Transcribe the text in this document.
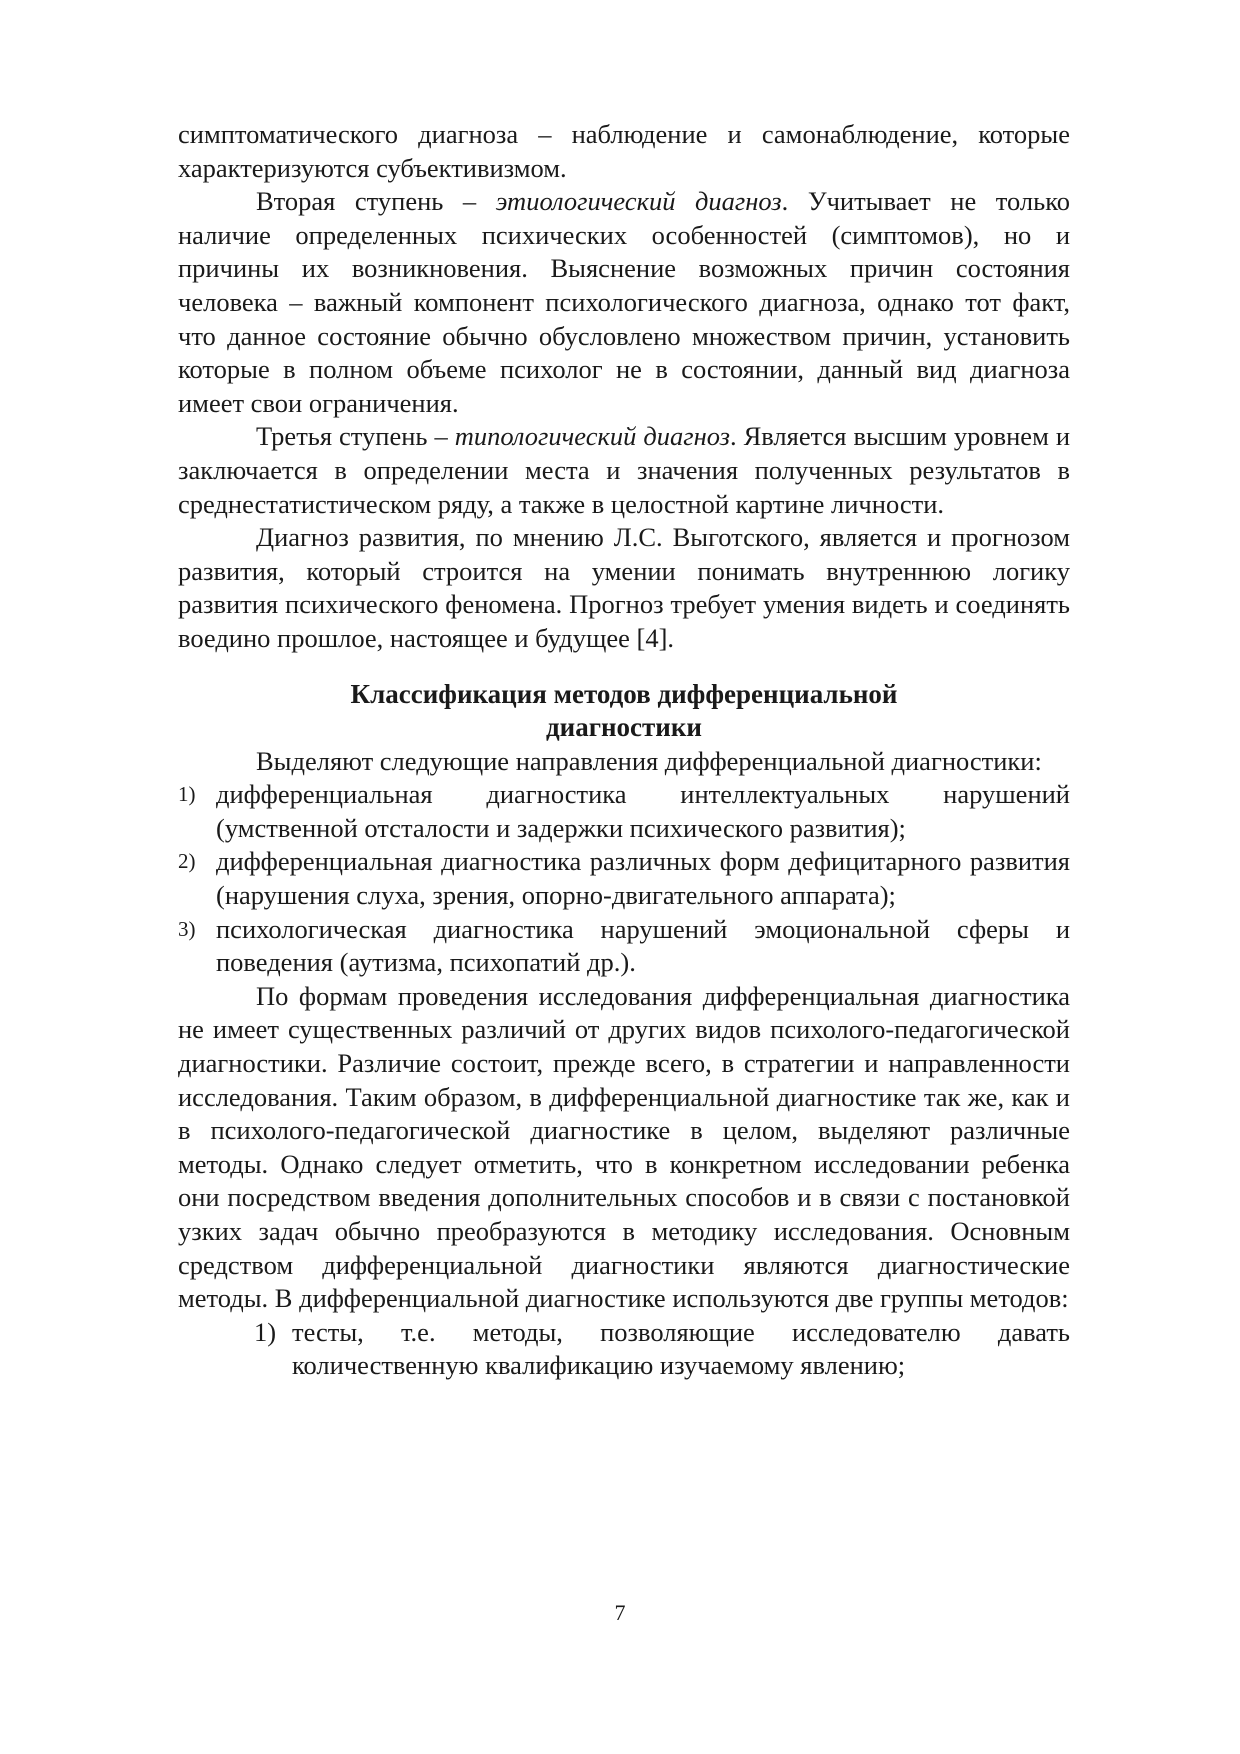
симптоматического диагноза – наблюдение и самонаблюдение, которые характеризуются субъективизмом.

Вторая ступень – этиологический диагноз. Учитывает не только наличие определенных психических особенностей (симптомов), но и причины их возникновения. Выяснение возможных причин состояния человека – важный компонент психологического диагноза, однако тот факт, что данное состояние обычно обусловлено множеством причин, установить которые в полном объеме психолог не в состоянии, данный вид диагноза имеет свои ограничения.

Третья ступень – типологический диагноз. Является высшим уровнем и заключается в определении места и значения полученных результатов в среднестатистическом ряду, а также в целостной картине личности.

Диагноз развития, по мнению Л.С. Выготского, является и прогнозом развития, который строится на умении понимать внутреннюю логику развития психического феномена. Прогноз требует умения видеть и соединять воедино прошлое, настоящее и будущее [4].

Классификация методов дифференциальной
диагностики

Выделяют следующие направления дифференциальной диагностики:

1) дифференциальная диагностика интеллектуальных нарушений (умственной отсталости и задержки психического развития);
2) дифференциальная диагностика различных форм дефицитарного развития (нарушения слуха, зрения, опорно-двигательного аппарата);
3) психологическая диагностика нарушений эмоциональной сферы и поведения (аутизма, психопатий др.).

По формам проведения исследования дифференциальная диагностика не имеет существенных различий от других видов психолого-педагогической диагностики. Различие состоит, прежде всего, в стратегии и направленности исследования. Таким образом, в дифференциальной диагностике так же, как и в психолого-педагогической диагностике в целом, выделяют различные методы. Однако следует отметить, что в конкретном исследовании ребенка они посредством введения дополнительных способов и в связи с постановкой узких задач обычно преобразуются в методику исследования. Основным средством дифференциальной диагностики являются диагностические методы. В дифференциальной диагностике используются две группы методов:

1) тесты, т.е. методы, позволяющие исследователю давать количественную квалификацию изучаемому явлению;
7
